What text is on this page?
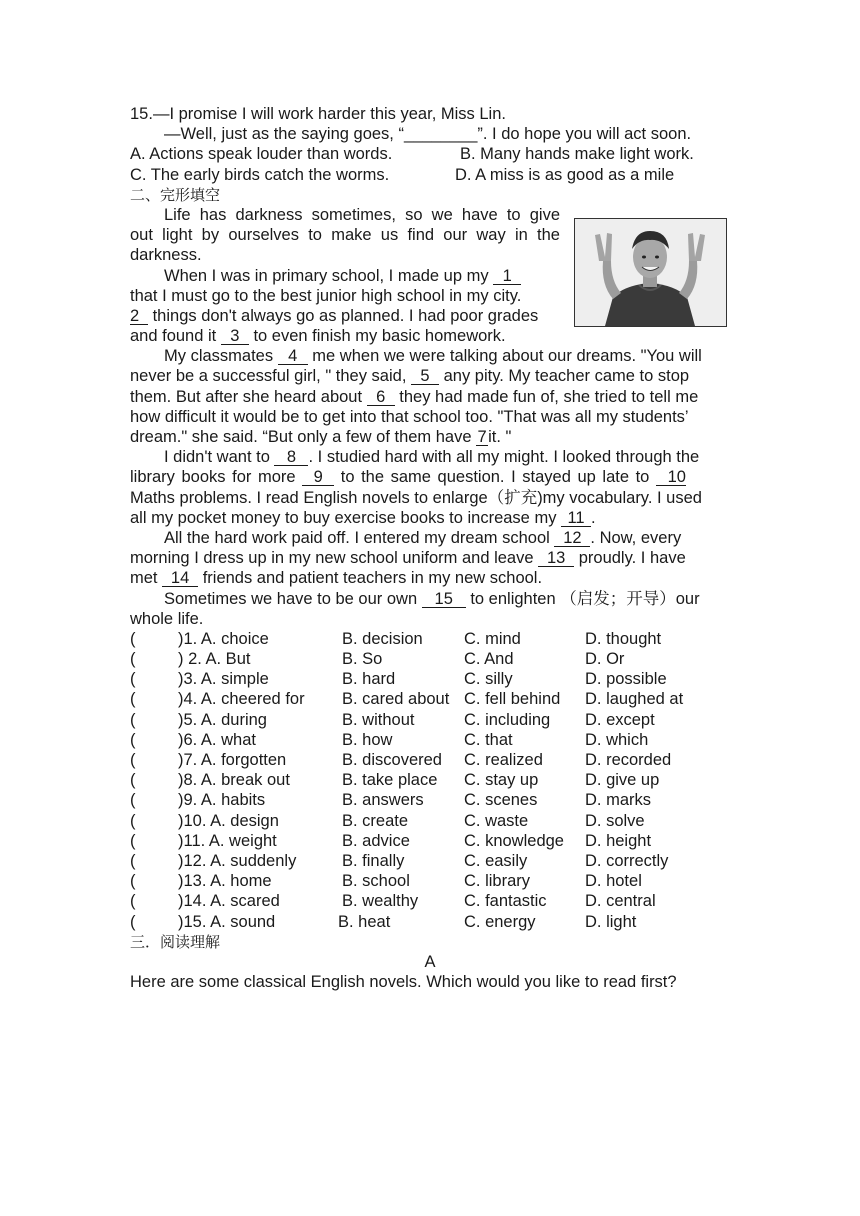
15.—I promise I will work harder this year, Miss Lin.
—Well, just as the saying goes, “________”. I do hope you will act soon.
A. Actions speak louder than words.	B. Many hands make light work.
C. The early birds catch the worms.	D. A miss is as good as a mile
二、完形填空
Life has darkness sometimes, so we have to give
out light by ourselves to make us find our way in the
darkness.
When I was in primary school, I made up my 1
that I must go to the best junior high school in my city.
2 things don't always go as planned. I had poor grades
and found it 3 to even finish my basic homework.
My classmates 4 me when we were talking about our dreams. "You will
never be a successful girl, " they said, 5 any pity. My teacher came to stop
them. But after she heard about 6 they had made fun of, she tried to tell me
how difficult it would be to get into that school too. "That was all my students’
dream." she said. “But only a few of them have 7it. "
I didn't want to 8 . I studied hard with all my might. I looked through the
library books for more 9 to the same question. I stayed up late to 10
Maths problems. I read English novels to enlarge（扩充)my vocabulary. I used
all my pocket money to buy exercise books to increase my 11 .
All the hard work paid off. I entered my dream school 12 . Now, every
morning I dress up in my new school uniform and leave 13 proudly. I have
met 14 friends and patient teachers in my new school.
Sometimes we have to be our own 15 to enlighten （启发；开导）our
whole life.
(	)1. A. choice	B. decision	C. mind	D. thought
(	) 2. A. But	B. So	C. And	D. Or
(	)3. A. simple	B. hard	C. silly	D. possible
(	)4. A. cheered for	B. cared about C. fell behind	D. laughed at
(	)5. A. during	B. without	C. including	D. except
(	)6. A. what	B. how	C. that	D. which
(	)7. A. forgotten	B. discovered	C. realized	D. recorded
(	)8. A. break out	B. take place	C. stay up	D. give up
(	)9. A. habits	B. answers	C. scenes	D. marks
(	)10. A. design	B. create	C. waste	D. solve
(	)11. A. weight	B. advice	C. knowledge	D. height
(	)12. A. suddenly	B. finally	C. easily	D. correctly
(	)13. A. home	B. school	C. library	D. hotel
(	)14. A. scared	B. wealthy	C. fantastic	D. central
(	)15. A. sound	B. heat	C. energy	D. light
三．阅读理解
A
Here are some classical English novels. Which would you like to read first?
